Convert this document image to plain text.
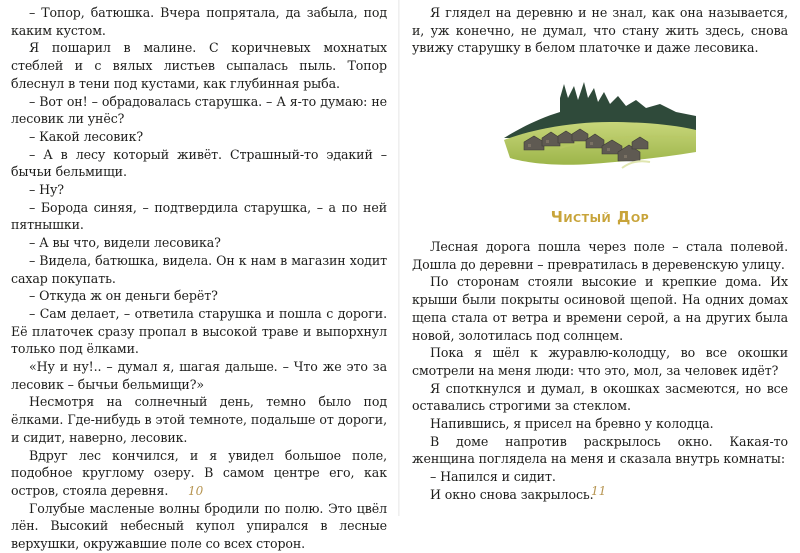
– Топор, батюшка. Вчера попрятала, да забыла, под каким кустом.

Я пошарил в малине. С коричневых мохнатых стеблей и с вялых листьев сыпалась пыль. Топор блеснул в тени под кустами, как глубинная рыба.

– Вот он! – обрадовалась старушка. – А я-то думаю: не лесовик ли унёс?

– Какой лесовик?

– А в лесу который живёт. Страшный-то эдакий – бычьи бельмищи.

– Ну?

– Борода синяя, – подтвердила старушка, – а по ней пятнышки.

– А вы что, видели лесовика?

– Видела, батюшка, видела. Он к нам в магазин ходит сахар покупать.

– Откуда ж он деньги берёт?

– Сам делает, – ответила старушка и пошла с дороги. Её платочек сразу пропал в высокой траве и выпорхнул только под ёлками.

«Ну и ну!.. – думал я, шагая дальше. – Что же это за лесовик – бычьи бельмищи?»

Несмотря на солнечный день, темно было под ёлками. Где-нибудь в этой темноте, подальше от дороги, и сидит, наверно, лесовик.

Вдруг лес кончился, и я увидел большое поле, подобное круглому озеру. В самом центре его, как остров, стояла деревня.

Голубые масленые волны бродили по полю. Это цвёл лён. Высокий небесный купол упирался в лесные верхушки, окружавшие поле со всех сторон.

10

Я глядел на деревню и не знал, как она называется, и, уж конечно, не думал, что стану жить здесь, снова увижу старушку в белом платочке и даже лесовика.

Чистый Дор

Лесная дорога пошла через поле – стала полевой. Дошла до деревни – превратилась в деревенскую улицу.

По сторонам стояли высокие и крепкие дома. Их крыши были покрыты осиновой щепой. На одних домах щепа стала от ветра и времени серой, а на других была новой, золотилась под солнцем.

Пока я шёл к журавлю-колодцу, во все окошки смотрели на меня люди: что это, мол, за человек идёт?

Я споткнулся и думал, в окошках засмеются, но все оставались строгими за стеклом.

Напившись, я присел на бревно у колодца.

В доме напротив раскрылось окно. Какая-то женщина поглядела на меня и сказала внутрь комнаты:

– Напился и сидит.

И окно снова закрылось.

11
